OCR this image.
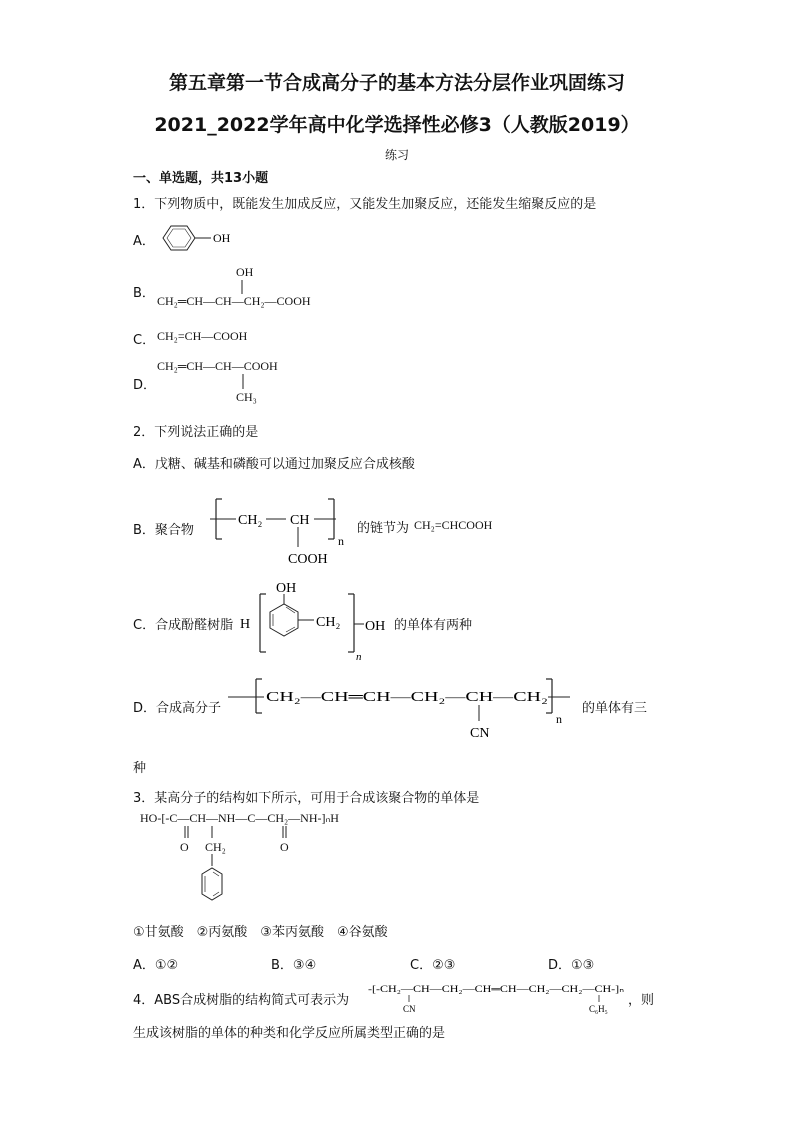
第五章第一节合成高分子的基本方法分层作业巩固练习
2021_2022学年高中化学选择性必修3（人教版2019）
练习
一、单选题，共13小题
1．下列物质中，既能发生加成反应，又能发生加聚反应，还能发生缩聚反应的是
A．	OH
B．
OH
CH₂═CH—CH—CH₂—COOH
C． CH₂=CH—COOH
D．
CH₂═CH—CH—COOH
CH₃
2．下列说法正确的是
A．戊糖、碱基和磷酸可以通过加聚反应合成核酸
B．聚合物
CH₂ CH
COOH
n
的链节为 CH₂=CHCOOH
C．合成酚醛树脂 H
OH
CH₂ OH
n
的单体有两种
D．合成高分子
CH₂—CH═CH—CH₂—CH—CH₂
CN
n
的单体有三
种
3．某高分子的结构如下所示，可用于合成该聚合物的单体是
HO-[-C—CH—NH—C—CH₂—NH-]ₙH
O CH₂	O
①甘氨酸　②丙氨酸　③苯丙氨酸　④谷氨酸
A．①②	B．③④	C．②③	D．①③
4．ABS合成树脂的结构简式可表示为
-[-CH₂—CH—CH₂—CH═CH—CH₂—CH₂—CH-]ₙ
CN	C₆H₅
，则
生成该树脂的单体的种类和化学反应所属类型正确的是
